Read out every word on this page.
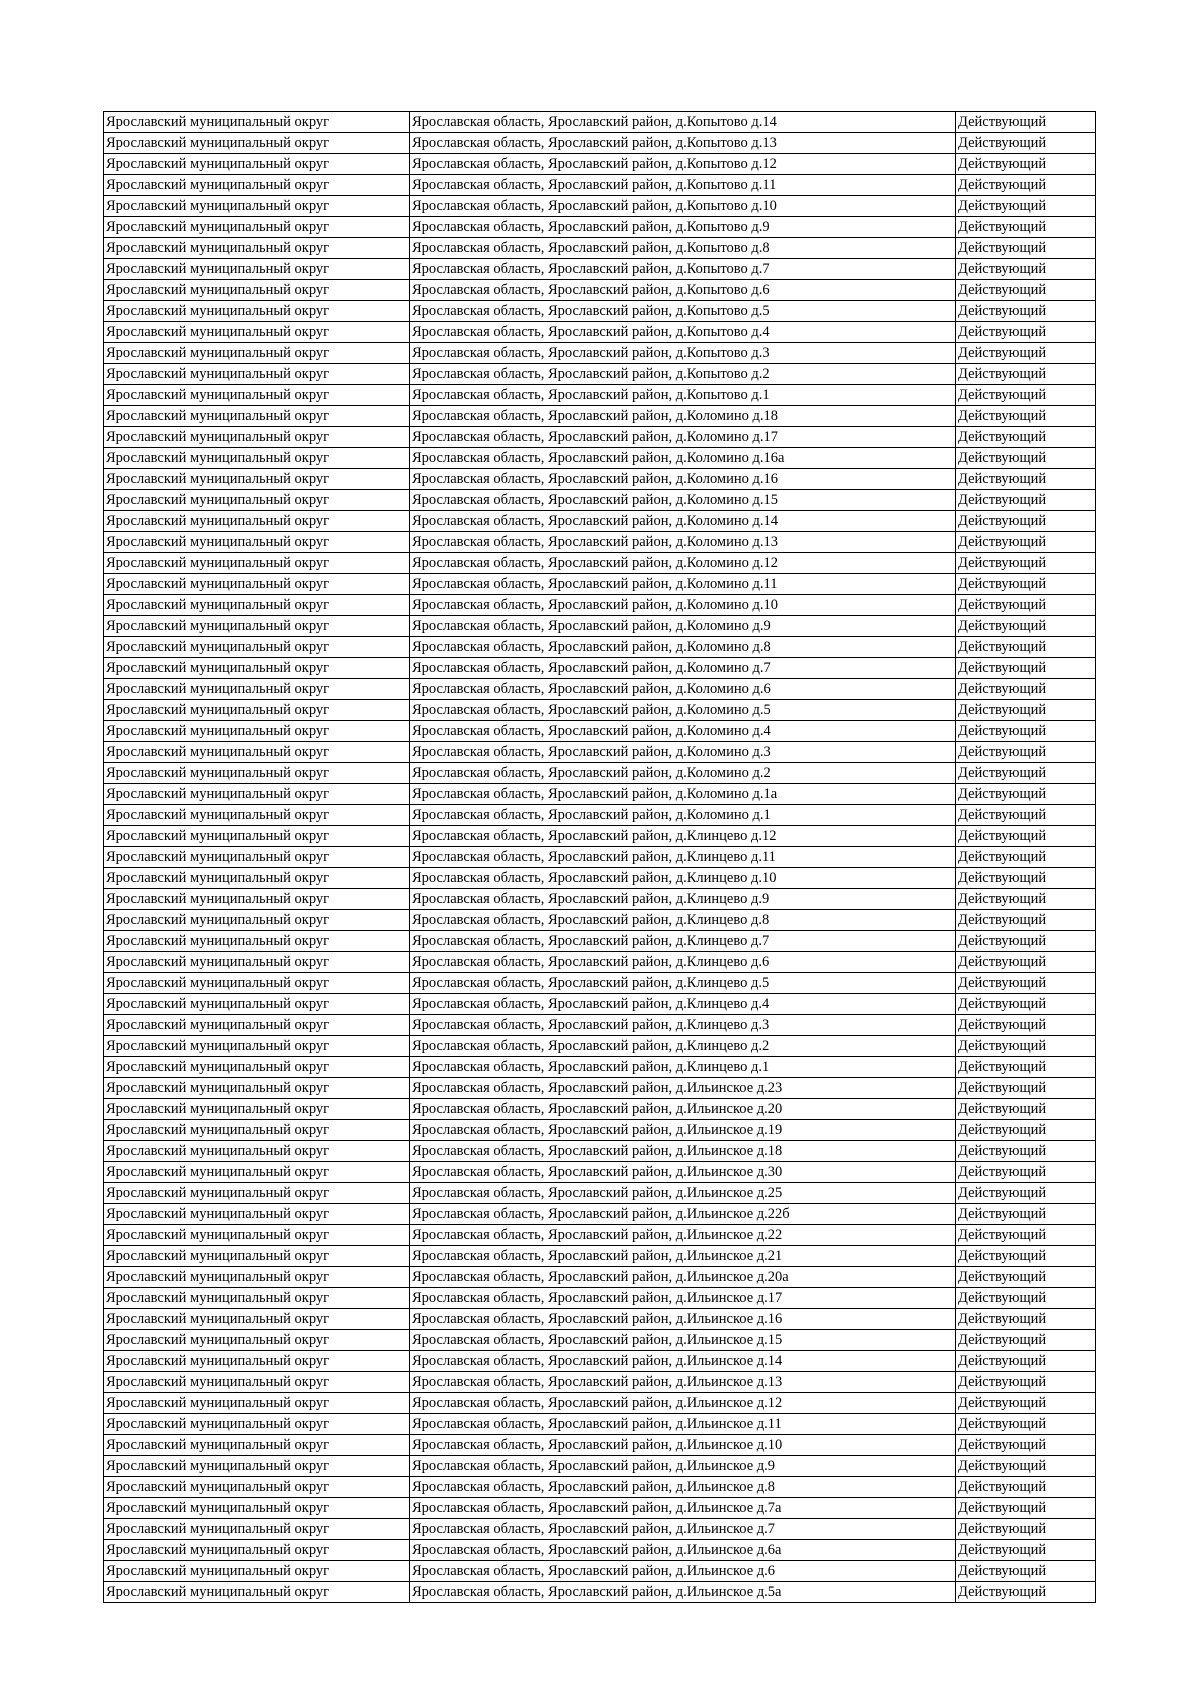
Ярославский муниципальный округ	Ярославская область, Ярославский район, д.Копытово д.14	Действующий
Ярославский муниципальный округ	Ярославская область, Ярославский район, д.Копытово д.13	Действующий
Ярославский муниципальный округ	Ярославская область, Ярославский район, д.Копытово д.12	Действующий
Ярославский муниципальный округ	Ярославская область, Ярославский район, д.Копытово д.11	Действующий
Ярославский муниципальный округ	Ярославская область, Ярославский район, д.Копытово д.10	Действующий
Ярославский муниципальный округ	Ярославская область, Ярославский район, д.Копытово д.9	Действующий
Ярославский муниципальный округ	Ярославская область, Ярославский район, д.Копытово д.8	Действующий
Ярославский муниципальный округ	Ярославская область, Ярославский район, д.Копытово д.7	Действующий
Ярославский муниципальный округ	Ярославская область, Ярославский район, д.Копытово д.6	Действующий
Ярославский муниципальный округ	Ярославская область, Ярославский район, д.Копытово д.5	Действующий
Ярославский муниципальный округ	Ярославская область, Ярославский район, д.Копытово д.4	Действующий
Ярославский муниципальный округ	Ярославская область, Ярославский район, д.Копытово д.3	Действующий
Ярославский муниципальный округ	Ярославская область, Ярославский район, д.Копытово д.2	Действующий
Ярославский муниципальный округ	Ярославская область, Ярославский район, д.Копытово д.1	Действующий
Ярославский муниципальный округ	Ярославская область, Ярославский район, д.Коломино д.18	Действующий
Ярославский муниципальный округ	Ярославская область, Ярославский район, д.Коломино д.17	Действующий
Ярославский муниципальный округ	Ярославская область, Ярославский район, д.Коломино д.16а	Действующий
Ярославский муниципальный округ	Ярославская область, Ярославский район, д.Коломино д.16	Действующий
Ярославский муниципальный округ	Ярославская область, Ярославский район, д.Коломино д.15	Действующий
Ярославский муниципальный округ	Ярославская область, Ярославский район, д.Коломино д.14	Действующий
Ярославский муниципальный округ	Ярославская область, Ярославский район, д.Коломино д.13	Действующий
Ярославский муниципальный округ	Ярославская область, Ярославский район, д.Коломино д.12	Действующий
Ярославский муниципальный округ	Ярославская область, Ярославский район, д.Коломино д.11	Действующий
Ярославский муниципальный округ	Ярославская область, Ярославский район, д.Коломино д.10	Действующий
Ярославский муниципальный округ	Ярославская область, Ярославский район, д.Коломино д.9	Действующий
Ярославский муниципальный округ	Ярославская область, Ярославский район, д.Коломино д.8	Действующий
Ярославский муниципальный округ	Ярославская область, Ярославский район, д.Коломино д.7	Действующий
Ярославский муниципальный округ	Ярославская область, Ярославский район, д.Коломино д.6	Действующий
Ярославский муниципальный округ	Ярославская область, Ярославский район, д.Коломино д.5	Действующий
Ярославский муниципальный округ	Ярославская область, Ярославский район, д.Коломино д.4	Действующий
Ярославский муниципальный округ	Ярославская область, Ярославский район, д.Коломино д.3	Действующий
Ярославский муниципальный округ	Ярославская область, Ярославский район, д.Коломино д.2	Действующий
Ярославский муниципальный округ	Ярославская область, Ярославский район, д.Коломино д.1а	Действующий
Ярославский муниципальный округ	Ярославская область, Ярославский район, д.Коломино д.1	Действующий
Ярославский муниципальный округ	Ярославская область, Ярославский район, д.Клинцево д.12	Действующий
Ярославский муниципальный округ	Ярославская область, Ярославский район, д.Клинцево д.11	Действующий
Ярославский муниципальный округ	Ярославская область, Ярославский район, д.Клинцево д.10	Действующий
Ярославский муниципальный округ	Ярославская область, Ярославский район, д.Клинцево д.9	Действующий
Ярославский муниципальный округ	Ярославская область, Ярославский район, д.Клинцево д.8	Действующий
Ярославский муниципальный округ	Ярославская область, Ярославский район, д.Клинцево д.7	Действующий
Ярославский муниципальный округ	Ярославская область, Ярославский район, д.Клинцево д.6	Действующий
Ярославский муниципальный округ	Ярославская область, Ярославский район, д.Клинцево д.5	Действующий
Ярославский муниципальный округ	Ярославская область, Ярославский район, д.Клинцево д.4	Действующий
Ярославский муниципальный округ	Ярославская область, Ярославский район, д.Клинцево д.3	Действующий
Ярославский муниципальный округ	Ярославская область, Ярославский район, д.Клинцево д.2	Действующий
Ярославский муниципальный округ	Ярославская область, Ярославский район, д.Клинцево д.1	Действующий
Ярославский муниципальный округ	Ярославская область, Ярославский район, д.Ильинское д.23	Действующий
Ярославский муниципальный округ	Ярославская область, Ярославский район, д.Ильинское д.20	Действующий
Ярославский муниципальный округ	Ярославская область, Ярославский район, д.Ильинское д.19	Действующий
Ярославский муниципальный округ	Ярославская область, Ярославский район, д.Ильинское д.18	Действующий
Ярославский муниципальный округ	Ярославская область, Ярославский район, д.Ильинское д.30	Действующий
Ярославский муниципальный округ	Ярославская область, Ярославский район, д.Ильинское д.25	Действующий
Ярославский муниципальный округ	Ярославская область, Ярославский район, д.Ильинское д.22б	Действующий
Ярославский муниципальный округ	Ярославская область, Ярославский район, д.Ильинское д.22	Действующий
Ярославский муниципальный округ	Ярославская область, Ярославский район, д.Ильинское д.21	Действующий
Ярославский муниципальный округ	Ярославская область, Ярославский район, д.Ильинское д.20а	Действующий
Ярославский муниципальный округ	Ярославская область, Ярославский район, д.Ильинское д.17	Действующий
Ярославский муниципальный округ	Ярославская область, Ярославский район, д.Ильинское д.16	Действующий
Ярославский муниципальный округ	Ярославская область, Ярославский район, д.Ильинское д.15	Действующий
Ярославский муниципальный округ	Ярославская область, Ярославский район, д.Ильинское д.14	Действующий
Ярославский муниципальный округ	Ярославская область, Ярославский район, д.Ильинское д.13	Действующий
Ярославский муниципальный округ	Ярославская область, Ярославский район, д.Ильинское д.12	Действующий
Ярославский муниципальный округ	Ярославская область, Ярославский район, д.Ильинское д.11	Действующий
Ярославский муниципальный округ	Ярославская область, Ярославский район, д.Ильинское д.10	Действующий
Ярославский муниципальный округ	Ярославская область, Ярославский район, д.Ильинское д.9	Действующий
Ярославский муниципальный округ	Ярославская область, Ярославский район, д.Ильинское д.8	Действующий
Ярославский муниципальный округ	Ярославская область, Ярославский район, д.Ильинское д.7а	Действующий
Ярославский муниципальный округ	Ярославская область, Ярославский район, д.Ильинское д.7	Действующий
Ярославский муниципальный округ	Ярославская область, Ярославский район, д.Ильинское д.6а	Действующий
Ярославский муниципальный округ	Ярославская область, Ярославский район, д.Ильинское д.6	Действующий
Ярославский муниципальный округ	Ярославская область, Ярославский район, д.Ильинское д.5а	Действующий
